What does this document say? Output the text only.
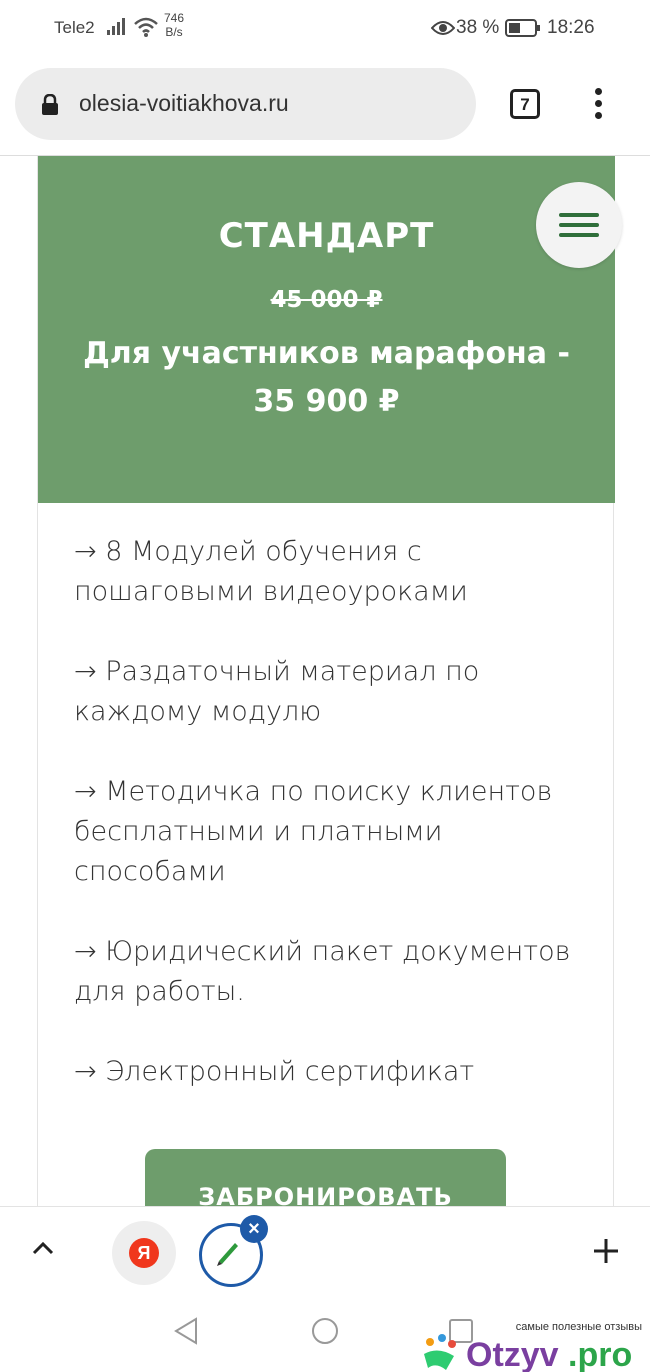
Tele2	746
B/s	38 %	18:26
olesia-voitiakhova.ru	7
СТАНДАРТ
45 000 ₽
Для участников марафона - 35 900 ₽
→ 8 Модулей обучения с пошаговыми видеоуроками
→ Раздаточный материал по каждому модулю
→ Методичка по поиску клиентов бесплатными и платными способами
→ Юридический пакет документов для работы.
→ Электронный сертификат
ЗАБРОНИРОВАТЬ
Я
×
самые полезные отзывы
Otzyv .pro
